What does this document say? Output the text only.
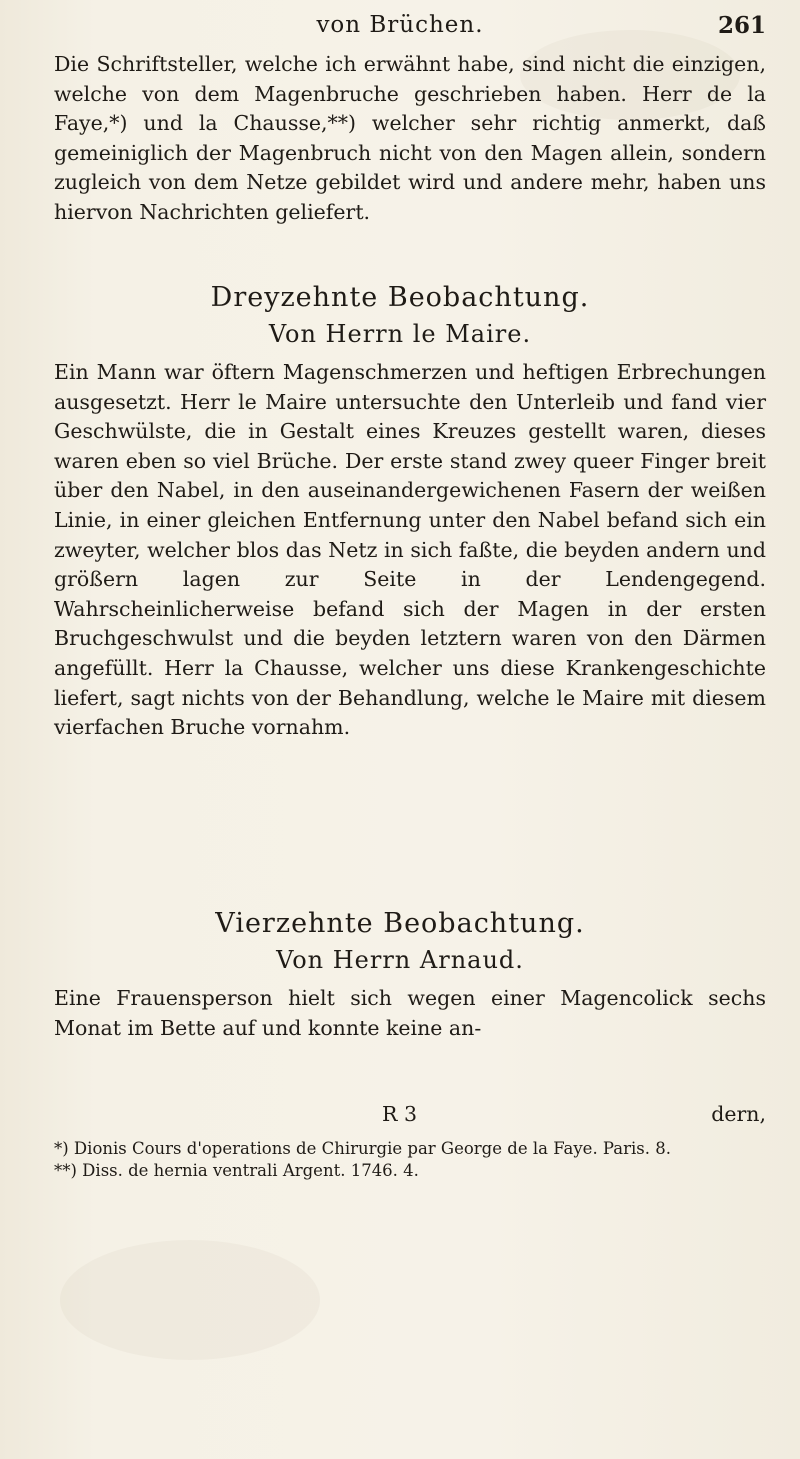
von Brüchen.	261

Die Schriftsteller, welche ich erwähnt habe, sind nicht die einzigen, welche von dem Magenbruche geschrieben haben. Herr de la Faye,*) und la Chausse,**) welcher sehr richtig anmerkt, daß gemeiniglich der Magenbruch nicht von den Magen allein, sondern zugleich von dem Netze gebildet wird und andere mehr, haben uns hiervon Nachrichten geliefert.

Dreyzehnte Beobachtung.
Von Herrn le Maire.

Ein Mann war öftern Magenschmerzen und heftigen Erbrechungen ausgesetzt. Herr le Maire untersuchte den Unterleib und fand vier Geschwülste, die in Gestalt eines Kreuzes gestellt waren, dieses waren eben so viel Brüche. Der erste stand zwey queer Finger breit über den Nabel, in den auseinandergewichenen Fasern der weißen Linie, in einer gleichen Entfernung unter den Nabel befand sich ein zweyter, welcher blos das Netz in sich faßte, die beyden andern und größern lagen zur Seite in der Lendengegend. Wahrscheinlicherweise befand sich der Magen in der ersten Bruchgeschwulst und die beyden letztern waren von den Därmen angefüllt. Herr la Chausse, welcher uns diese Krankengeschichte liefert, sagt nichts von der Behandlung, welche le Maire mit diesem vierfachen Bruche vornahm.

Vierzehnte Beobachtung.
Von Herrn Arnaud.

Eine Frauensperson hielt sich wegen einer Magencolick sechs Monat im Bette auf und konnte keine an-

R 3	dern,

*) Dionis Cours d'operations de Chirurgie par George de la Faye. Paris. 8.

**) Diss. de hernia ventrali Argent. 1746. 4.
